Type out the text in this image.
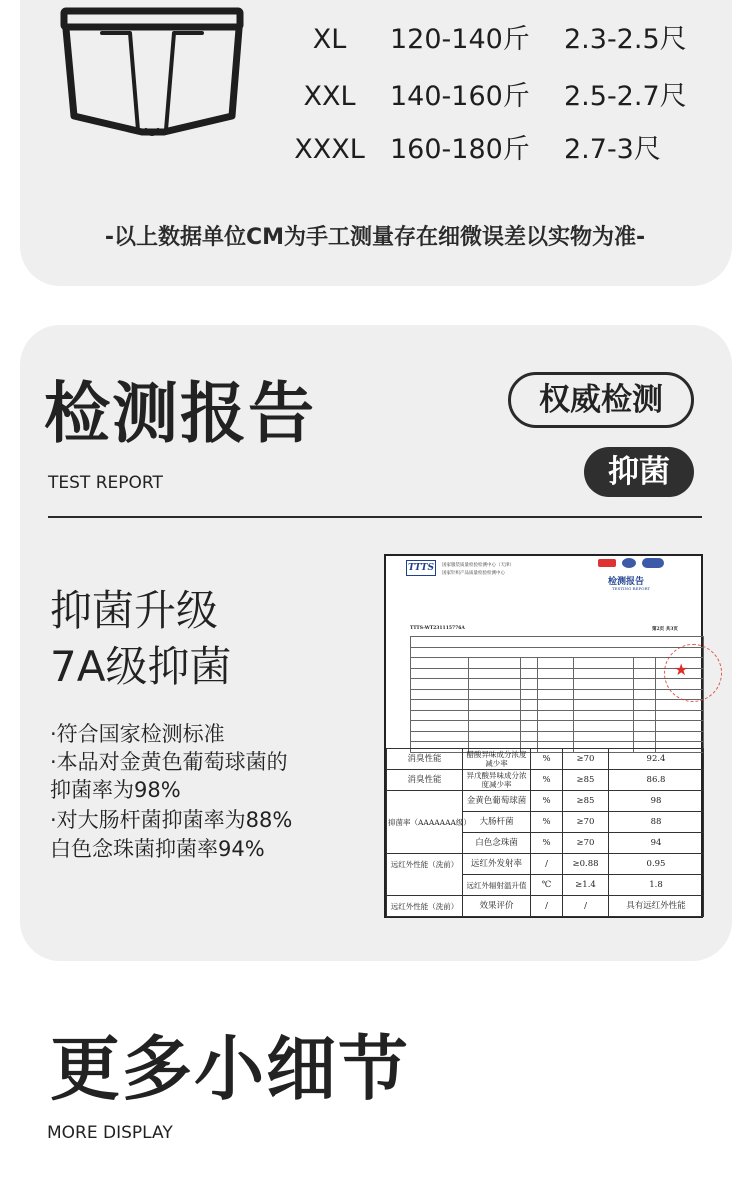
XL	120-140斤 2.3-2.5尺
XXL	140-160斤 2.5-2.7尺
XXXL 160-180斤 2.7-3尺
-以上数据单位CM为手工测量存在细微误差以实物为准-
检测报告
TEST REPORT
权威检测
抑菌
抑菌升级
7A级抑菌
·符合国家检测标准
·本品对金黄色葡萄球菌的
抑菌率为98%
·对大肠杆菌抑菌率为88%
白色念珠菌抑菌率94%
TTTS 国家服装质量检验检测中心（天津）
国家针织产品质量检验检测中心
检测报告
TESTING REPORT
TTTS-WT231115776A	第2页 共3页

★
消臭性能	醋酸异味成分浓度减少率	%	≥70	92.4
消臭性能	异戊酸异味成分浓度减少率	%	≥85	86.8
	金黄色葡萄球菌	%	≥85	98
抑菌率（AAAAAAA级）	大肠杆菌	%	≥70	88
	白色念珠菌	%	≥70	94
远红外性能（洗前）	远红外发射率	/	≥0.88	0.95
	远红外辐射温升值	℃	≥1.4	1.8
远红外性能（洗前）	效果评价	/	/	具有远红外性能
更多小细节
MORE DISPLAY
